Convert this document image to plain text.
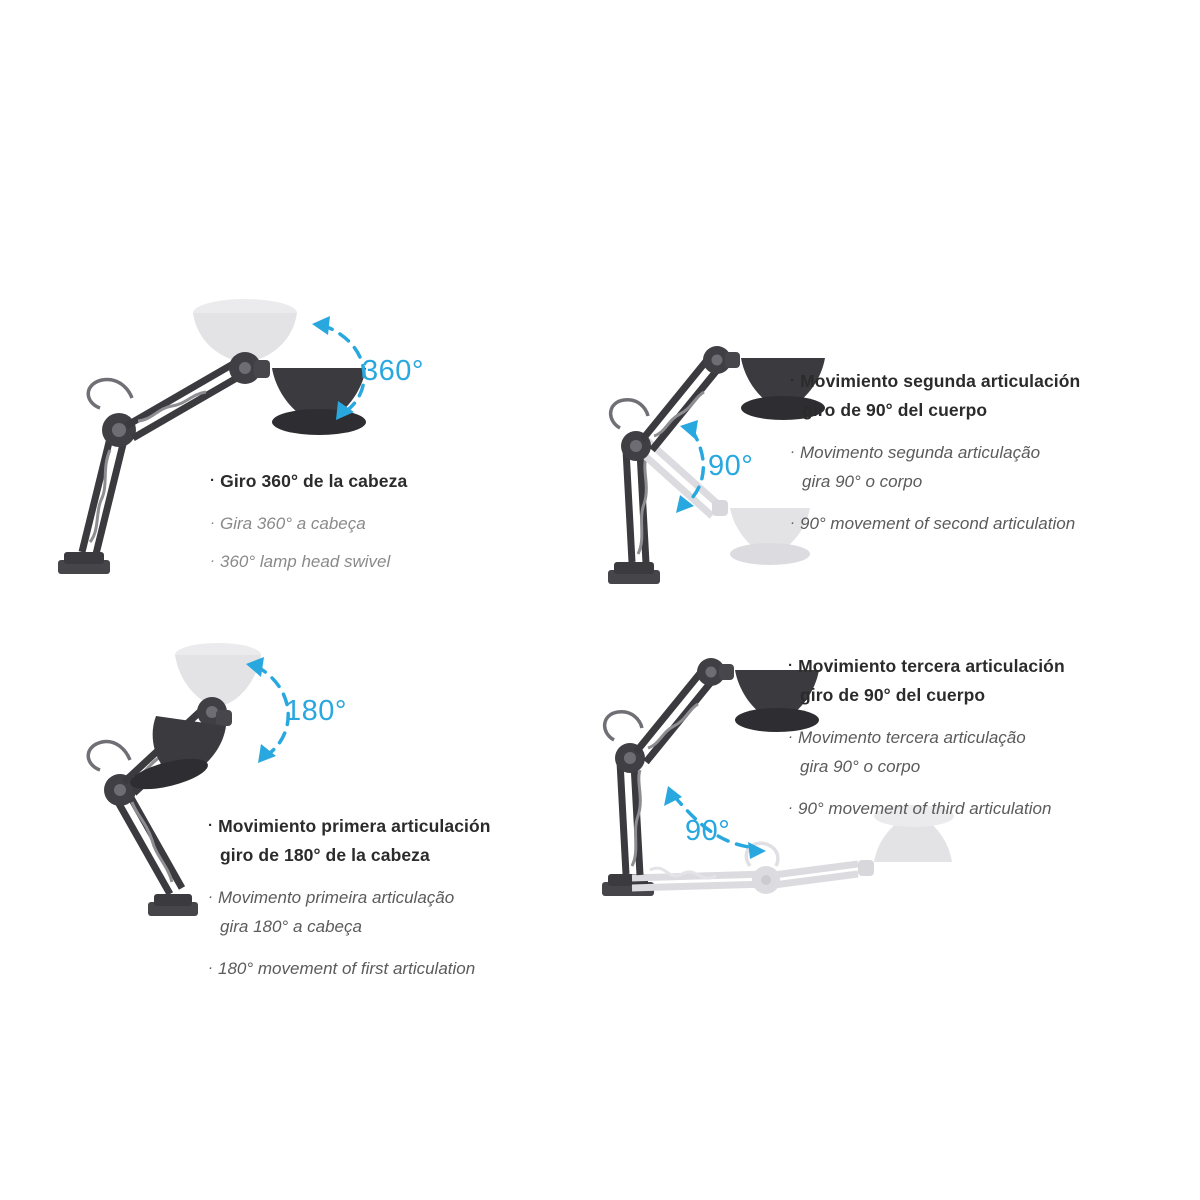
360°
· Giro 360° de la cabeza
· Gira 360° a cabeça
· 360° lamp head swivel
90°
· Movimiento segunda articulación
giro de 90° del cuerpo
· Movimento segunda articulação
gira 90° o corpo
· 90° movement of second articulation
180°
· Movimiento primera articulación
giro de 180° de la cabeza
· Movimento primeira articulação
gira 180° a cabeça
· 180° movement of first articulation
90°
· Movimiento tercera articulación
giro de 90° del cuerpo
· Movimento tercera articulação
gira 90° o corpo
· 90° movement of third articulation
